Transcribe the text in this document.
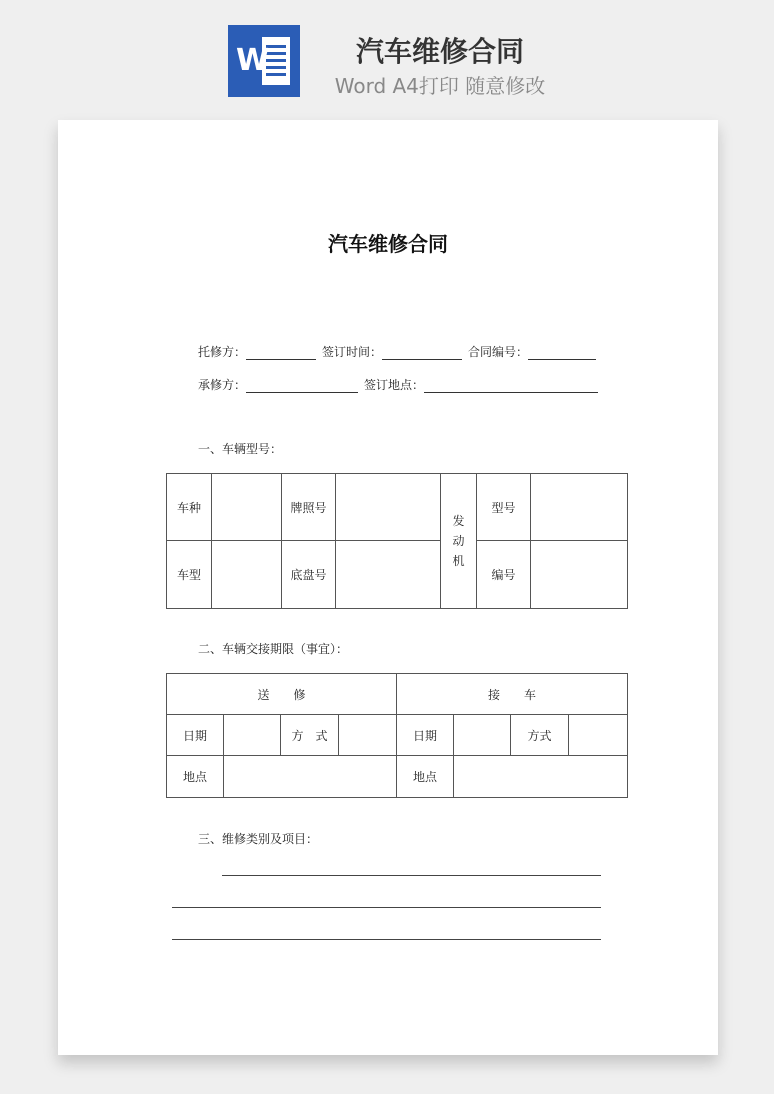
W	汽车维修合同
Word A4打印 随意修改
汽车维修合同
托修方：	签订时间：	合同编号：
承修方：	签订地点：
一、车辆型号：
车种		牌照号		发动机	型号	
车型		底盘号			编号	
二、车辆交接期限（事宜）：
送　　修				接　　车			
日期		方　式		日期		方式	
地点				地点			
三、维修类别及项目：
